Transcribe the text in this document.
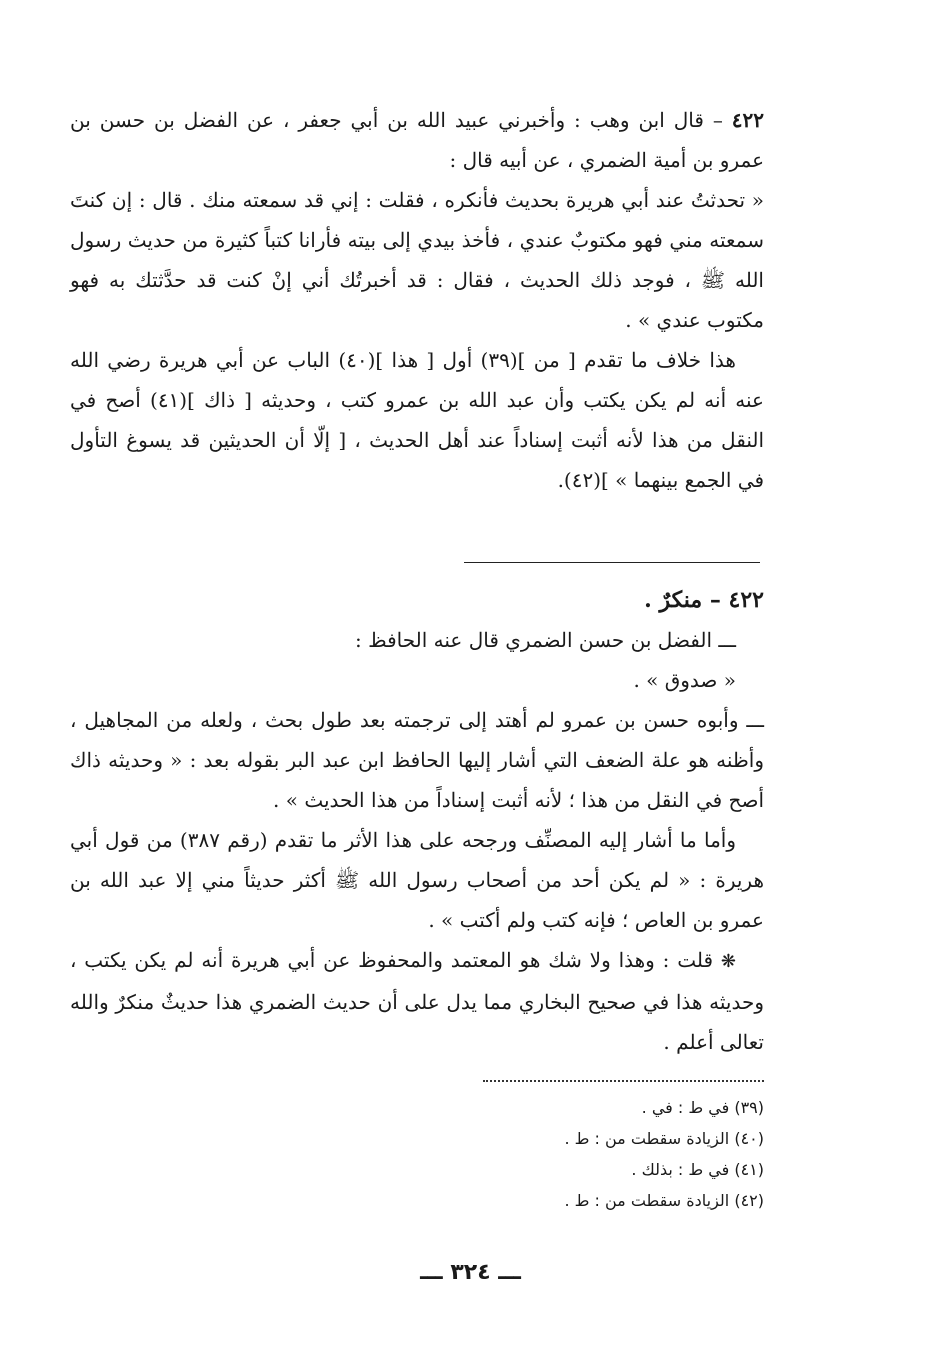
٤٢٢ – قال ابن وهب : وأخبرني عبيد الله بن أبي جعفر ، عن الفضل بن حسن بن عمرو بن أمية الضمري ، عن أبيه قال :

« تحدثتُ عند أبي هريرة بحديث فأنكره ، فقلت : إني قد سمعته منك . قال : إن كنتَ سمعته مني فهو مكتوبٌ عندي ، فأخذ بيدي إلى بيته فأرانا كتباً كثيرة من حديث رسول الله ﷺ ، فوجد ذلك الحديث ، فقال : قد أخبرتُك أني إنْ كنت قد حدَّثتك به فهو مكتوب عندي » .

هذا خلاف ما تقدم [ من ](٣٩) أول [ هذا ](٤٠) الباب عن أبي هريرة رضي الله عنه أنه لم يكن يكتب وأن عبد الله بن عمرو كتب ، وحديثه [ ذاك ](٤١) أصح في النقل من هذا لأنه أثبت إسناداً عند أهل الحديث ، [ إلّا أن الحديثين قد يسوغ التأول في الجمع بينهما » ](٤٢).

٤٢٢ – منكرٌ .

ـــ الفضل بن حسن الضمري قال عنه الحافظ :

« صدوق » .

ـــ وأبوه حسن بن عمرو لم أهتد إلى ترجمته بعد طول بحث ، ولعله من المجاهيل ، وأظنه هو علة الضعف التي أشار إليها الحافظ ابن عبد البر بقوله بعد : « وحديثه ذاك أصح في النقل من هذا ؛ لأنه أثبت إسناداً من هذا الحديث » .

وأما ما أشار إليه المصنِّف ورجحه على هذا الأثر ما تقدم (رقم ٣٨٧) من قول أبي هريرة : « لم يكن أحد من أصحاب رسول الله ﷺ أكثر حديثاً مني إلا عبد الله بن عمرو بن العاص ؛ فإنه كتب ولم أكتب » .

❋ قلت : وهذا ولا شك هو المعتمد والمحفوظ عن أبي هريرة أنه لم يكن يكتب ، وحديثه هذا في صحيح البخاري مما يدل على أن حديث الضمري هذا حديثٌ منكرٌ والله تعالى أعلم .

(٣٩) في ط : في .
(٤٠) الزيادة سقطت من : ط .
(٤١) في ط : بذلك .
(٤٢) الزيادة سقطت من : ط .
ـــ ٣٢٤ ـــ
